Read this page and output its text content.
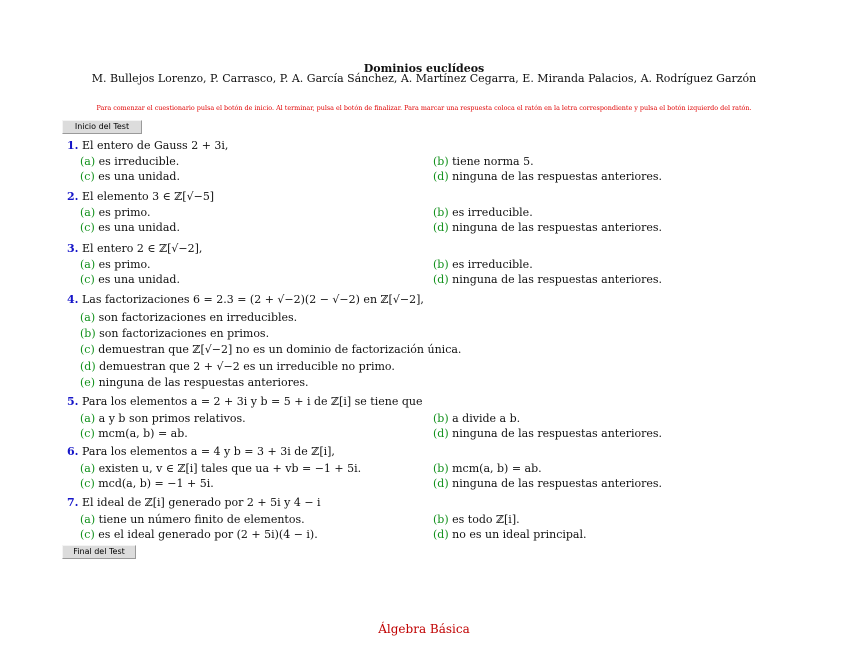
Dominios euclídeos
M. Bullejos Lorenzo, P. Carrasco, P. A. García Sánchez, A. Martínez Cegarra, E. Miranda Palacios, A. Rodríguez Garzón
Para comenzar el cuestionario pulsa el botón de inicio. Al terminar, pulsa el botón de finalizar. Para marcar una respuesta coloca el ratón en la letra correspondiente y pulsa el botón izquierdo del ratón.
Inicio del Test
1. El entero de Gauss 2 + 3i,
(a) es irreducible.	(b) tiene norma 5.
(c) es una unidad.	(d) ninguna de las respuestas anteriores.
2. El elemento 3 ∈ ℤ[√−5]
(a) es primo.	(b) es irreducible.
(c) es una unidad.	(d) ninguna de las respuestas anteriores.
3. El entero 2 ∈ ℤ[√−2],
(a) es primo.	(b) es irreducible.
(c) es una unidad.	(d) ninguna de las respuestas anteriores.
4. Las factorizaciones 6 = 2.3 = (2 + √−2)(2 − √−2) en ℤ[√−2],
(a) son factorizaciones en irreducibles.
(b) son factorizaciones en primos.
(c) demuestran que ℤ[√−2] no es un dominio de factorización única.
(d) demuestran que 2 + √−2 es un irreducible no primo.
(e) ninguna de las respuestas anteriores.
5. Para los elementos a = 2 + 3i y b = 5 + i de ℤ[i] se tiene que
(a) a y b son primos relativos.	(b) a divide a b.
(c) mcm(a, b) = ab.	(d) ninguna de las respuestas anteriores.
6. Para los elementos a = 4 y b = 3 + 3i de ℤ[i],
(a) existen u, v ∈ ℤ[i] tales que ua + vb = −1 + 5i.	(b) mcm(a, b) = ab.
(c) mcd(a, b) = −1 + 5i.	(d) ninguna de las respuestas anteriores.
7. El ideal de ℤ[i] generado por 2 + 5i y 4 − i
(a) tiene un número finito de elementos.	(b) es todo ℤ[i].
(c) es el ideal generado por (2 + 5i)(4 − i).	(d) no es un ideal principal.
Final del Test
Álgebra Básica
